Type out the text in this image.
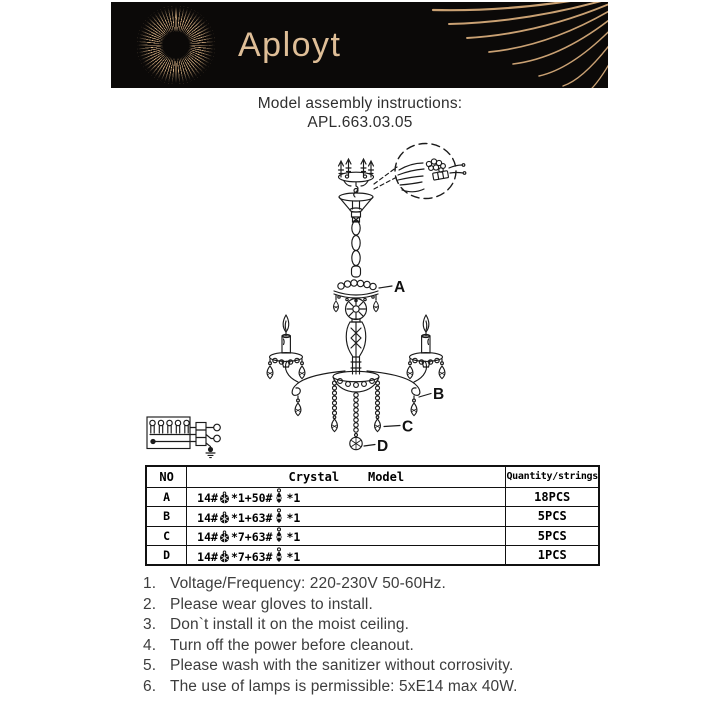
Aployt
Model assembly instructions:
APL.663.03.05
A
B
C
D
NO	Crystal    Model	Quantity/strings
A	14# *1+50# *1	18PCS
B	14# *1+63# *1	5PCS
C	14# *7+63# *1	5PCS
D	14# *7+63# *1	1PCS
1. Voltage/Frequency: 220-230V 50-60Hz.
2. Please wear gloves to install.
3. Don`t install it on the moist ceiling.
4. Turn off the power before cleanout.
5. Please wash with the sanitizer without corrosivity.
6. The use of lamps is permissible: 5xE14 max 40W.
